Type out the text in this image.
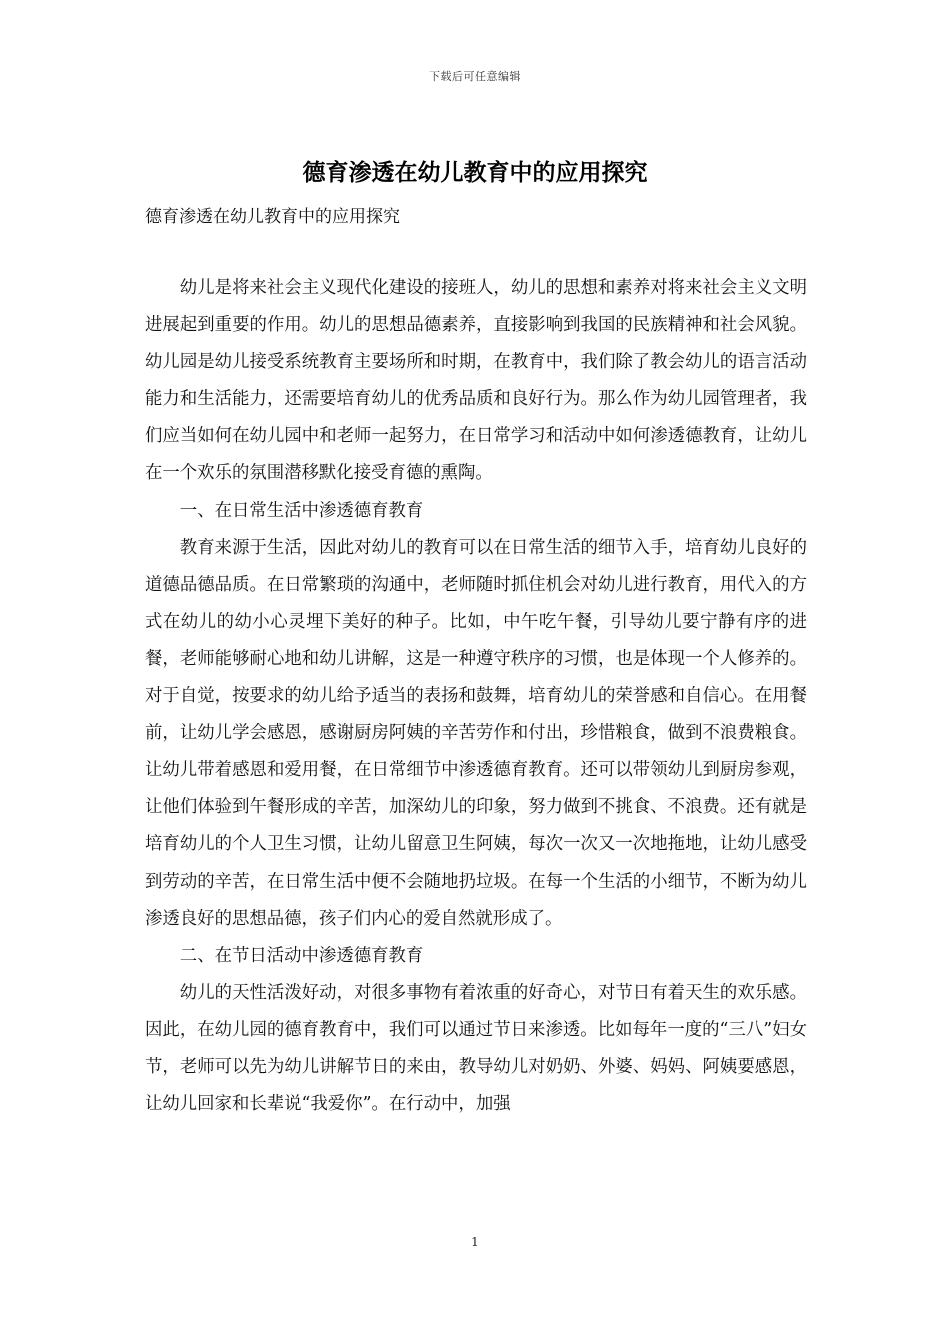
下载后可任意编辑
德育渗透在幼儿教育中的应用探究
德育渗透在幼儿教育中的应用探究

幼儿是将来社会主义现代化建设的接班人，幼儿的思想和素养对将来社会主义文明进展起到重要的作用。幼儿的思想品德素养，直接影响到我国的民族精神和社会风貌。幼儿园是幼儿接受系统教育主要场所和时期，在教育中，我们除了教会幼儿的语言活动能力和生活能力，还需要培育幼儿的优秀品质和良好行为。那么作为幼儿园管理者，我们应当如何在幼儿园中和老师一起努力，在日常学习和活动中如何渗透德教育，让幼儿在一个欢乐的氛围潜移默化接受育德的熏陶。

一、在日常生活中渗透德育教育

教育来源于生活，因此对幼儿的教育可以在日常生活的细节入手，培育幼儿良好的道德品德品质。在日常繁琐的沟通中，老师随时抓住机会对幼儿进行教育，用代入的方式在幼儿的幼小心灵埋下美好的种子。比如，中午吃午餐，引导幼儿要宁静有序的进餐，老师能够耐心地和幼儿讲解，这是一种遵守秩序的习惯，也是体现一个人修养的。对于自觉，按要求的幼儿给予适当的表扬和鼓舞，培育幼儿的荣誉感和自信心。在用餐前，让幼儿学会感恩，感谢厨房阿姨的辛苦劳作和付出，珍惜粮食，做到不浪费粮食。让幼儿带着感恩和爱用餐，在日常细节中渗透德育教育。还可以带领幼儿到厨房参观，让他们体验到午餐形成的辛苦，加深幼儿的印象，努力做到不挑食、不浪费。还有就是培育幼儿的个人卫生习惯，让幼儿留意卫生阿姨，每次一次又一次地拖地，让幼儿感受到劳动的辛苦，在日常生活中便不会随地扔垃圾。在每一个生活的小细节，不断为幼儿渗透良好的思想品德，孩子们内心的爱自然就形成了。

二、在节日活动中渗透德育教育

幼儿的天性活泼好动，对很多事物有着浓重的好奇心，对节日有着天生的欢乐感。因此，在幼儿园的德育教育中，我们可以通过节日来渗透。比如每年一度的“三八”妇女节，老师可以先为幼儿讲解节日的来由，教导幼儿对奶奶、外婆、妈妈、阿姨要感恩，让幼儿回家和长辈说“我爱你”。在行动中，加强

1
